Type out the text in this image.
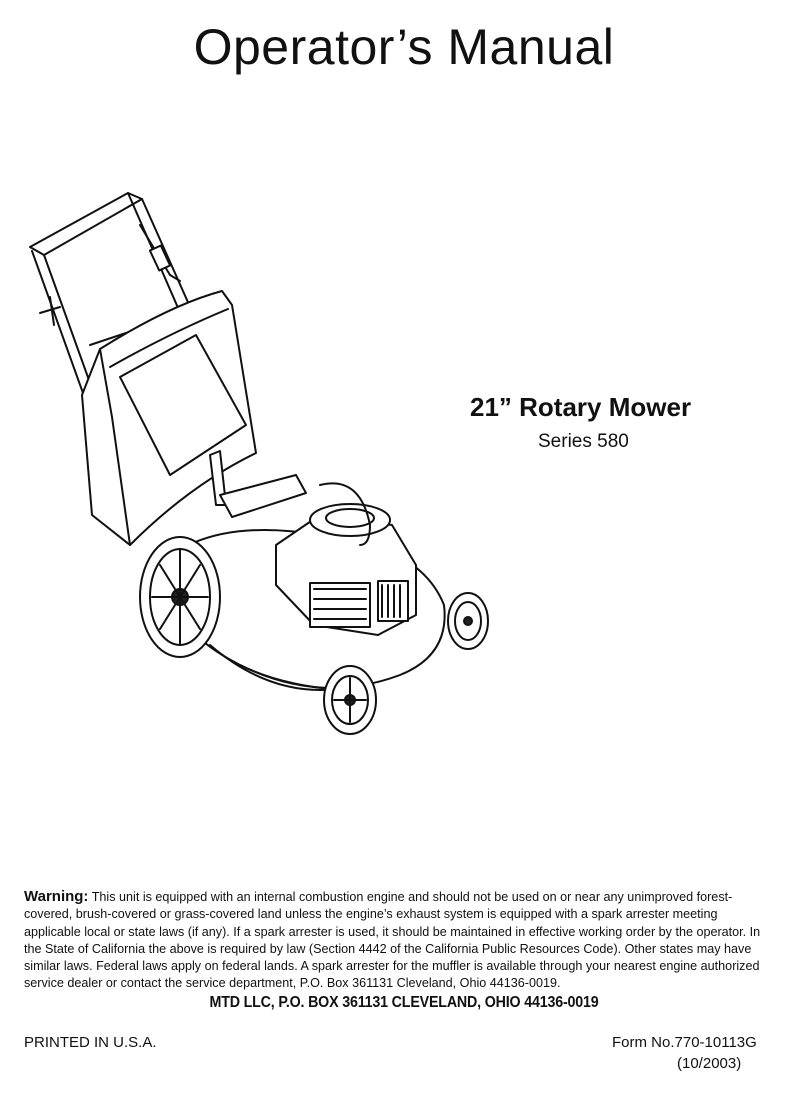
Operator’s Manual

21” Rotary Mower

Series 580

Warning: This unit is equipped with an internal combustion engine and should not be used on or near any unimproved forest-covered, brush-covered or grass-covered land unless the engine’s exhaust system is equipped with a spark arrester meeting applicable local or state laws (if any). If a spark arrester is used, it should be maintained in effective working order by the operator. In the State of California the above is required by law (Section 4442 of the California Public Resources Code). Other states may have similar laws. Federal laws apply on federal lands. A spark arrester for the muffler is available through your nearest engine authorized service dealer or contact the service department, P.O. Box 361131 Cleveland, Ohio 44136-0019.

MTD LLC, P.O. BOX 361131 CLEVELAND, OHIO 44136-0019
PRINTED IN U.S.A.	Form No.770-10113G
(10/2003)
